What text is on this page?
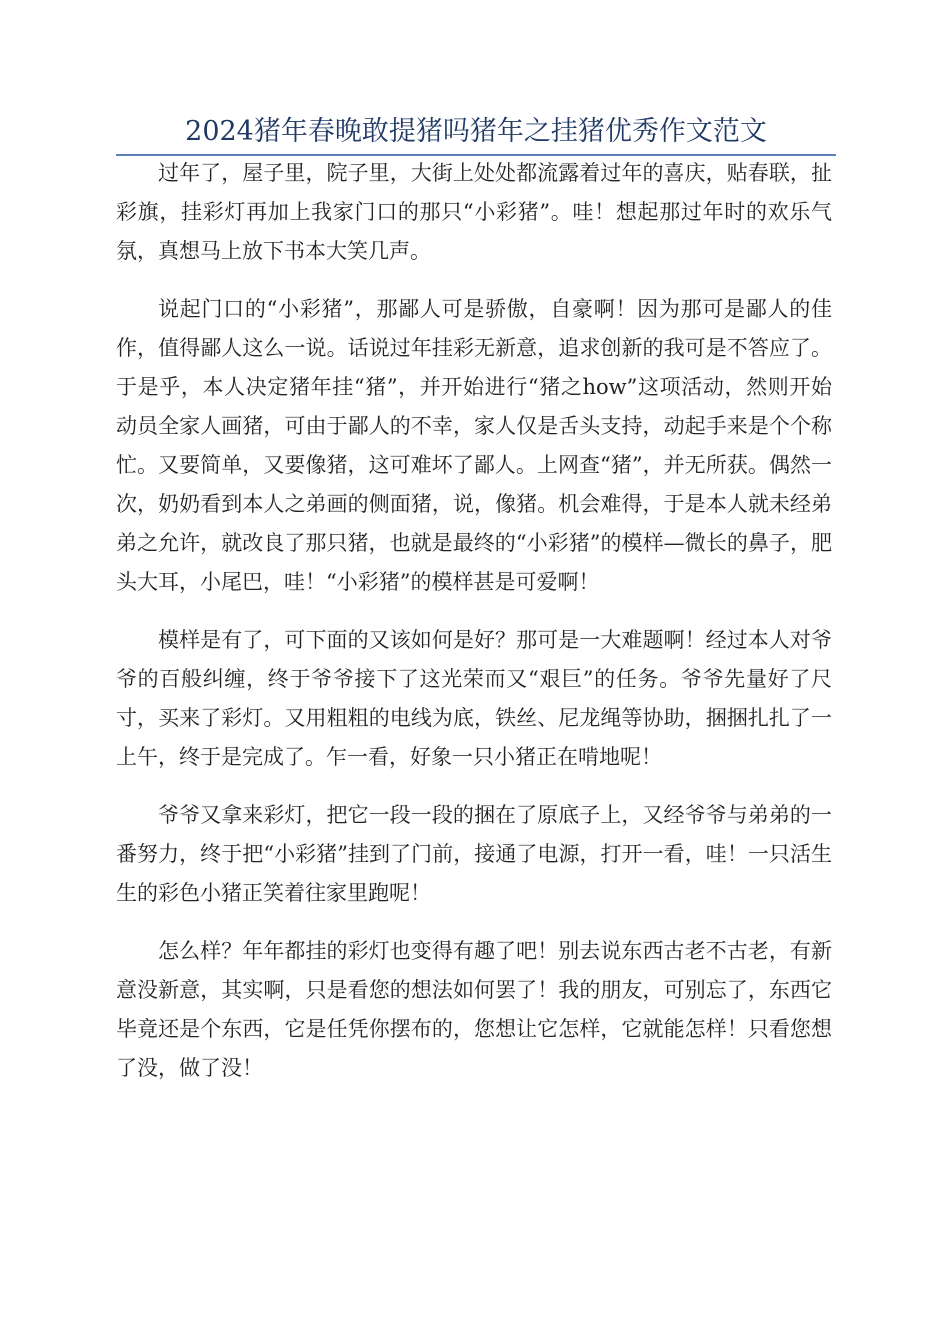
2024猪年春晚敢提猪吗猪年之挂猪优秀作文范文

过年了，屋子里，院子里，大街上处处都流露着过年的喜庆，贴春联，扯彩旗，挂彩灯再加上我家门口的那只“小彩猪”。哇！想起那过年时的欢乐气氛，真想马上放下书本大笑几声。

说起门口的“小彩猪”，那鄙人可是骄傲，自豪啊！因为那可是鄙人的佳作，值得鄙人这么一说。话说过年挂彩无新意，追求创新的我可是不答应了。于是乎，本人决定猪年挂“猪”，并开始进行“猪之how”这项活动，然则开始动员全家人画猪，可由于鄙人的不幸，家人仅是舌头支持，动起手来是个个称忙。又要简单，又要像猪，这可难坏了鄙人。上网查“猪”，并无所获。偶然一次，奶奶看到本人之弟画的侧面猪，说，像猪。机会难得，于是本人就未经弟弟之允许，就改良了那只猪，也就是最终的“小彩猪”的模样—微长的鼻子，肥头大耳，小尾巴，哇！“小彩猪”的模样甚是可爱啊！

模样是有了，可下面的又该如何是好？那可是一大难题啊！经过本人对爷爷的百般纠缠，终于爷爷接下了这光荣而又“艰巨”的任务。爷爷先量好了尺寸，买来了彩灯。又用粗粗的电线为底，铁丝、尼龙绳等协助，捆捆扎扎了一上午，终于是完成了。乍一看，好象一只小猪正在啃地呢！

爷爷又拿来彩灯，把它一段一段的捆在了原底子上，又经爷爷与弟弟的一番努力，终于把“小彩猪”挂到了门前，接通了电源，打开一看，哇！一只活生生的彩色小猪正笑着往家里跑呢！

怎么样？年年都挂的彩灯也变得有趣了吧！别去说东西古老不古老，有新意没新意，其实啊，只是看您的想法如何罢了！我的朋友，可别忘了，东西它毕竟还是个东西，它是任凭你摆布的，您想让它怎样，它就能怎样！只看您想了没，做了没！
